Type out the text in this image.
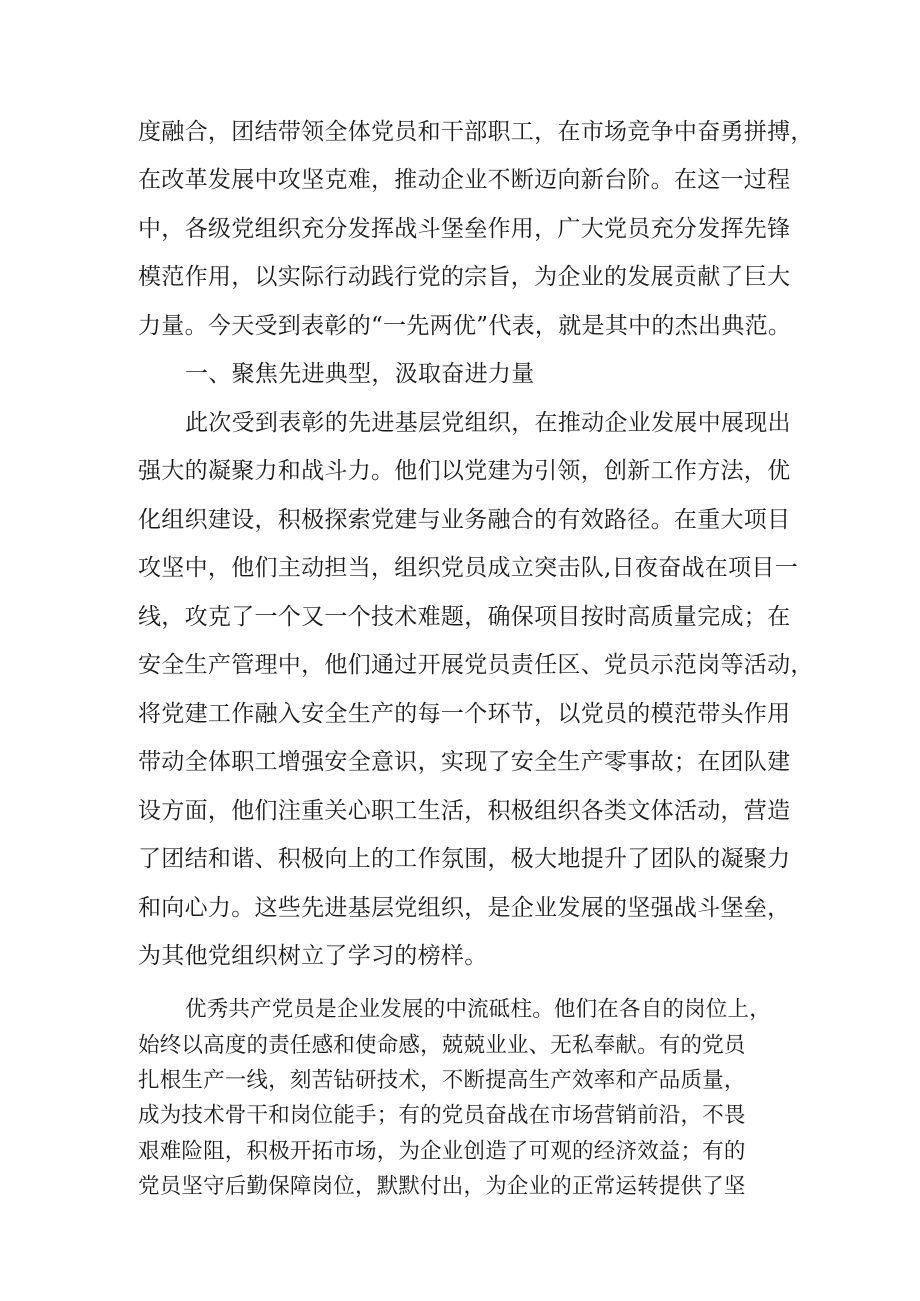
度融合，团结带领全体党员和干部职工，在市场竞争中奋勇拼搏，
在改革发展中攻坚克难，推动企业不断迈向新台阶。在这一过程
中，各级党组织充分发挥战斗堡垒作用，广大党员充分发挥先锋
模范作用，以实际行动践行党的宗旨，为企业的发展贡献了巨大
力量。今天受到表彰的“一先两优”代表，就是其中的杰出典范。
一、聚焦先进典型，汲取奋进力量
此次受到表彰的先进基层党组织，在推动企业发展中展现出
强大的凝聚力和战斗力。他们以党建为引领，创新工作方法，优
化组织建设，积极探索党建与业务融合的有效路径。在重大项目
攻坚中，他们主动担当，组织党员成立突击队,日夜奋战在项目一
线，攻克了一个又一个技术难题，确保项目按时高质量完成；在
安全生产管理中，他们通过开展党员责任区、党员示范岗等活动，
将党建工作融入安全生产的每一个环节，以党员的模范带头作用
带动全体职工增强安全意识，实现了安全生产零事故；在团队建
设方面，他们注重关心职工生活，积极组织各类文体活动，营造
了团结和谐、积极向上的工作氛围，极大地提升了团队的凝聚力
和向心力。这些先进基层党组织，是企业发展的坚强战斗堡垒，
为其他党组织树立了学习的榜样。
优秀共产党员是企业发展的中流砥柱。他们在各自的岗位上，
始终以高度的责任感和使命感，兢兢业业、无私奉献。有的党员
扎根生产一线，刻苦钻研技术，不断提高生产效率和产品质量，
成为技术骨干和岗位能手；有的党员奋战在市场营销前沿，不畏
艰难险阻，积极开拓市场，为企业创造了可观的经济效益；有的
党员坚守后勤保障岗位，默默付出，为企业的正常运转提供了坚
